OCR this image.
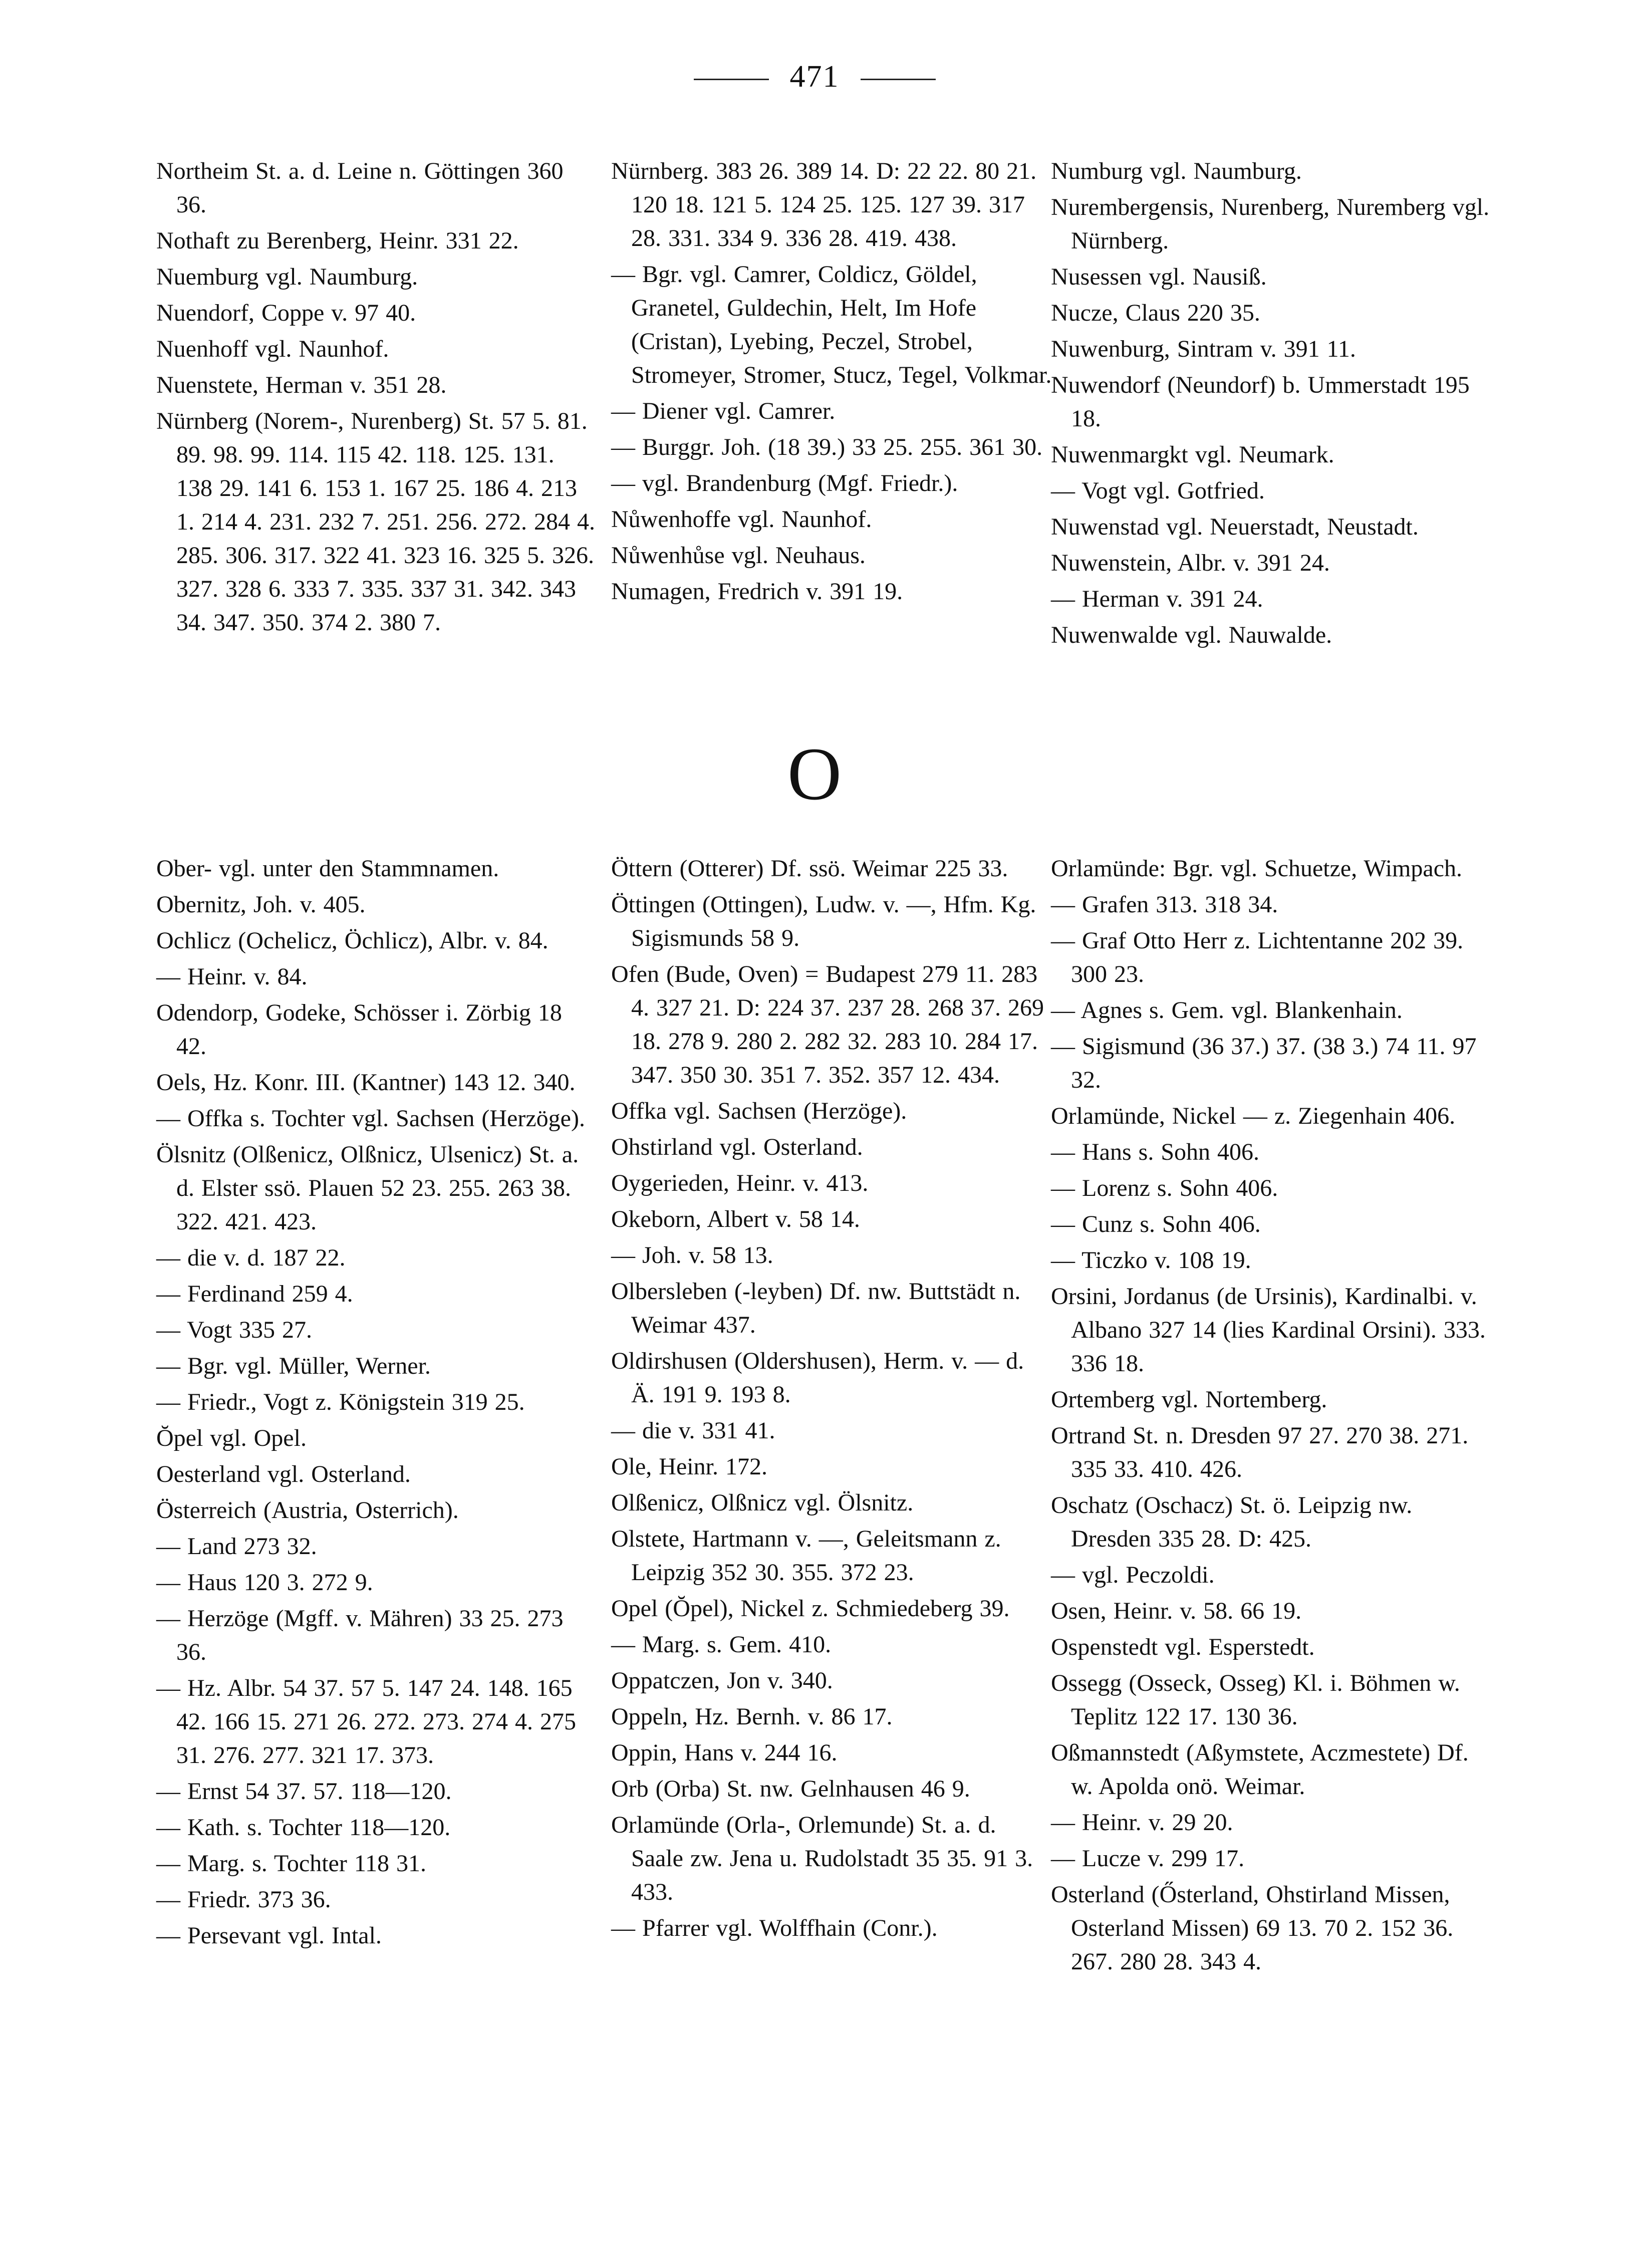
471
Northeim St. a. d. Leine n. Göttingen 360 36.
Nothaft zu Berenberg, Heinr. 331 22.
Nuemburg vgl. Naumburg.
Nuendorf, Coppe v. 97 40.
Nuenhoff vgl. Naunhof.
Nuenstete, Herman v. 351 28.
Nürnberg (Norem-, Nurenberg) St. 57 5. 81. 89. 98. 99. 114. 115 42. 118. 125. 131. 138 29. 141 6. 153 1. 167 25. 186 4. 213 1. 214 4. 231. 232 7. 251. 256. 272. 284 4. 285. 306. 317. 322 41. 323 16. 325 5. 326. 327. 328 6. 333 7. 335. 337 31. 342. 343 34. 347. 350. 374 2. 380 7.
Nürnberg. 383 26. 389 14. D: 22 22. 80 21. 120 18. 121 5. 124 25. 125. 127 39. 317 28. 331. 334 9. 336 28. 419. 438.
— Bgr. vgl. Camrer, Coldicz, Göldel, Granetel, Guldechin, Helt, Im Hofe (Cristan), Lyebing, Peczel, Strobel, Stromeyer, Stromer, Stucz, Tegel, Volkmar.
— Diener vgl. Camrer.
— Burggr. Joh. (18 39.) 33 25. 255. 361 30.
— vgl. Brandenburg (Mgf. Friedr.).
Nůwenhoffe vgl. Naunhof.
Nůwenhůse vgl. Neuhaus.
Numagen, Fredrich v. 391 19.
Numburg vgl. Naumburg.
Nurembergensis, Nurenberg, Nuremberg vgl. Nürnberg.
Nusessen vgl. Nausiß.
Nucze, Claus 220 35.
Nuwenburg, Sintram v. 391 11.
Nuwendorf (Neundorf) b. Ummerstadt 195 18.
Nuwenmargkt vgl. Neumark.
— Vogt vgl. Gotfried.
Nuwenstad vgl. Neuerstadt, Neustadt.
Nuwenstein, Albr. v. 391 24.
— Herman v. 391 24.
Nuwenwalde vgl. Nauwalde.
O
Ober- vgl. unter den Stammnamen.
Obernitz, Joh. v. 405.
Ochlicz (Ochelicz, Öchlicz), Albr. v. 84.
— Heinr. v. 84.
Odendorp, Godeke, Schösser i. Zörbig 18 42.
Oels, Hz. Konr. III. (Kantner) 143 12. 340.
— Offka s. Tochter vgl. Sachsen (Herzöge).
Ölsnitz (Olßenicz, Olßnicz, Ulsenicz) St. a. d. Elster ssö. Plauen 52 23. 255. 263 38. 322. 421. 423.
— die v. d. 187 22.
— Ferdinand 259 4.
— Vogt 335 27.
— Bgr. vgl. Müller, Werner.
— Friedr., Vogt z. Königstein 319 25.
Ŏpel vgl. Opel.
Oesterland vgl. Osterland.
Österreich (Austria, Osterrich).
— Land 273 32.
— Haus 120 3. 272 9.
— Herzöge (Mgff. v. Mähren) 33 25. 273 36.
— Hz. Albr. 54 37. 57 5. 147 24. 148. 165 42. 166 15. 271 26. 272. 273. 274 4. 275 31. 276. 277. 321 17. 373.
— Ernst 54 37. 57. 118—120.
— Kath. s. Tochter 118—120.
— Marg. s. Tochter 118 31.
— Friedr. 373 36.
— Persevant vgl. Intal.
Öttern (Otterer) Df. ssö. Weimar 225 33.
Öttingen (Ottingen), Ludw. v. —, Hfm. Kg. Sigismunds 58 9.
Ofen (Bude, Oven) = Budapest 279 11. 283 4. 327 21. D: 224 37. 237 28. 268 37. 269 18. 278 9. 280 2. 282 32. 283 10. 284 17. 347. 350 30. 351 7. 352. 357 12. 434.
Offka vgl. Sachsen (Herzöge).
Ohstirland vgl. Osterland.
Oygerieden, Heinr. v. 413.
Okeborn, Albert v. 58 14.
— Joh. v. 58 13.
Olbersleben (-leyben) Df. nw. Buttstädt n. Weimar 437.
Oldirshusen (Oldershusen), Herm. v. — d. Ä. 191 9. 193 8.
— die v. 331 41.
Ole, Heinr. 172.
Olßenicz, Olßnicz vgl. Ölsnitz.
Olstete, Hartmann v. —, Geleitsmann z. Leipzig 352 30. 355. 372 23.
Opel (Ŏpel), Nickel z. Schmiedeberg 39.
— Marg. s. Gem. 410.
Oppatczen, Jon v. 340.
Oppeln, Hz. Bernh. v. 86 17.
Oppin, Hans v. 244 16.
Orb (Orba) St. nw. Gelnhausen 46 9.
Orlamünde (Orla-, Orlemunde) St. a. d. Saale zw. Jena u. Rudolstadt 35 35. 91 3. 433.
— Pfarrer vgl. Wolffhain (Conr.).
Orlamünde: Bgr. vgl. Schuetze, Wimpach.
— Grafen 313. 318 34.
— Graf Otto Herr z. Lichtentanne 202 39. 300 23.
— Agnes s. Gem. vgl. Blankenhain.
— Sigismund (36 37.) 37. (38 3.) 74 11. 97 32.
Orlamünde, Nickel — z. Ziegenhain 406.
— Hans s. Sohn 406.
— Lorenz s. Sohn 406.
— Cunz s. Sohn 406.
— Ticzko v. 108 19.
Orsini, Jordanus (de Ursinis), Kardinalbi. v. Albano 327 14 (lies Kardinal Orsini). 333. 336 18.
Ortemberg vgl. Nortemberg.
Ortrand St. n. Dresden 97 27. 270 38. 271. 335 33. 410. 426.
Oschatz (Oschacz) St. ö. Leipzig nw. Dresden 335 28. D: 425.
— vgl. Peczoldi.
Osen, Heinr. v. 58. 66 19.
Ospenstedt vgl. Esperstedt.
Ossegg (Osseck, Osseg) Kl. i. Böhmen w. Teplitz 122 17. 130 36.
Oßmannstedt (Aßymstete, Aczmestete) Df. w. Apolda onö. Weimar.
— Heinr. v. 29 20.
— Lucze v. 299 17.
Osterland (Ősterland, Ohstirland Missen, Osterland Missen) 69 13. 70 2. 152 36. 267. 280 28. 343 4.
